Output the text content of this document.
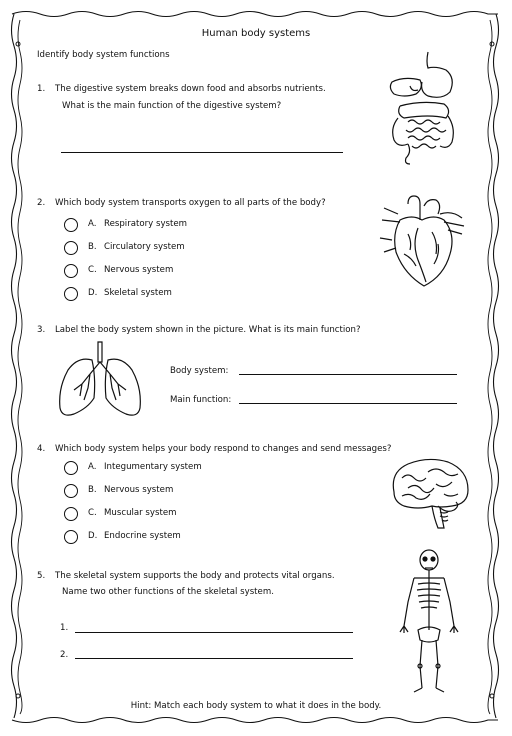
Human body systems
Identify body system functions
1. The digestive system breaks down food and absorbs nutrients.
What is the main function of the digestive system?
2. Which body system transports oxygen to all parts of the body?
A. Respiratory system
B. Circulatory system
C. Nervous system
D. Skeletal system
3. Label the body system shown in the picture. What is its main function?
Body system:
Main function:
4. Which body system helps your body respond to changes and send messages?
A. Integumentary system
B. Nervous system
C. Muscular system
D. Endocrine system
5. The skeletal system supports the body and protects vital organs.
Name two other functions of the skeletal system.
1.
2.
Hint: Match each body system to what it does in the body.
